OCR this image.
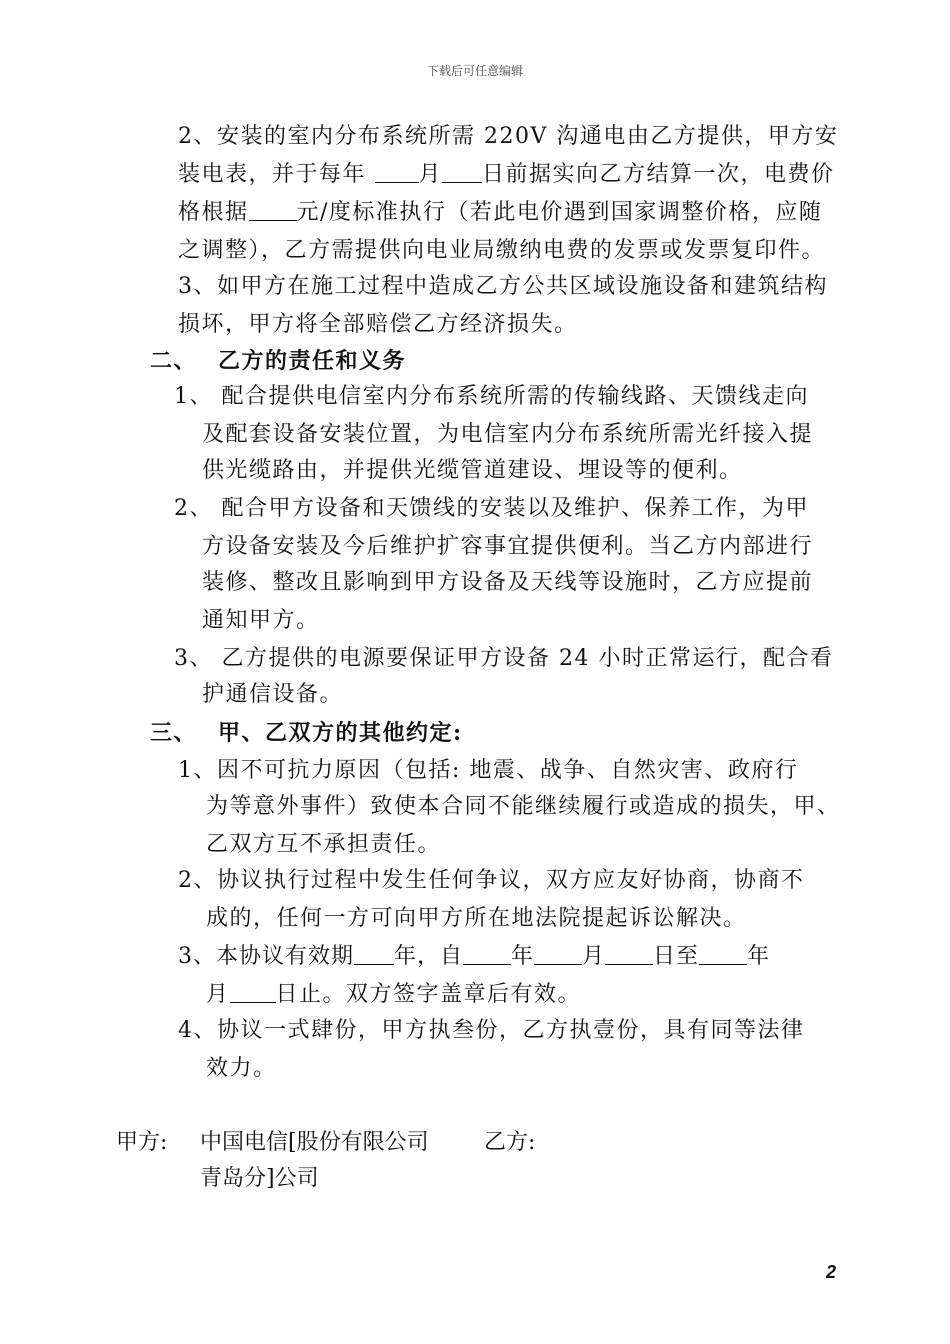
下载后可任意编辑
2、安装的室内分布系统所需 220V 沟通电由乙方提供，甲方安
装电表，并于每年 月 日前据实向乙方结算一次，电费价
格根据 元/度标准执行（若此电价遇到国家调整价格，应随
之调整），乙方需提供向电业局缴纳电费的发票或发票复印件。
3、如甲方在施工过程中造成乙方公共区域设施设备和建筑结构
损坏，甲方将全部赔偿乙方经济损失。
二、 乙方的责任和义务
1、 配合提供电信室内分布系统所需的传输线路、天馈线走向
及配套设备安装位置，为电信室内分布系统所需光纤接入提
供光缆路由，并提供光缆管道建设、埋设等的便利。
2、 配合甲方设备和天馈线的安装以及维护、保养工作，为甲
方设备安装及今后维护扩容事宜提供便利。当乙方内部进行
装修、整改且影响到甲方设备及天线等设施时，乙方应提前
通知甲方。
3、 乙方提供的电源要保证甲方设备 24 小时正常运行，配合看
护通信设备。
三、 甲、乙双方的其他约定:
1、因不可抗力原因（包括: 地震、战争、自然灾害、政府行
为等意外事件）致使本合同不能继续履行或造成的损失，甲、
乙双方互不承担责任。
2、协议执行过程中发生任何争议，双方应友好协商，协商不
成的，任何一方可向甲方所在地法院提起诉讼解决。
3、本协议有效期 年，自 年 月 日至 年
月 日止。双方签字盖章后有效。
4、协议一式肆份，甲方执叁份，乙方执壹份，具有同等法律
效力。
甲方: 中国电信[股份有限公司	乙方:
青岛分]公司
2
